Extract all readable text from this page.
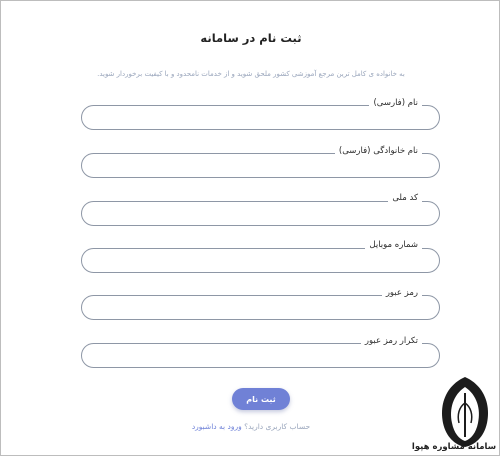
ثبت نام در سامانه
به خانواده ی کامل ترین مرجع آموزشی کشور ملحق شوید و از خدمات نامحدود و با کیفیت برخوردار شوید.
نام (فارسی)
نام خانوادگی (فارسی)
کد ملی
شماره موبایل
رمز عبور
تکرار رمز عبور
ثبت نام
حساب کاربری دارید؟ ورود به داشبورد
سامانه مشاوره هپوا
